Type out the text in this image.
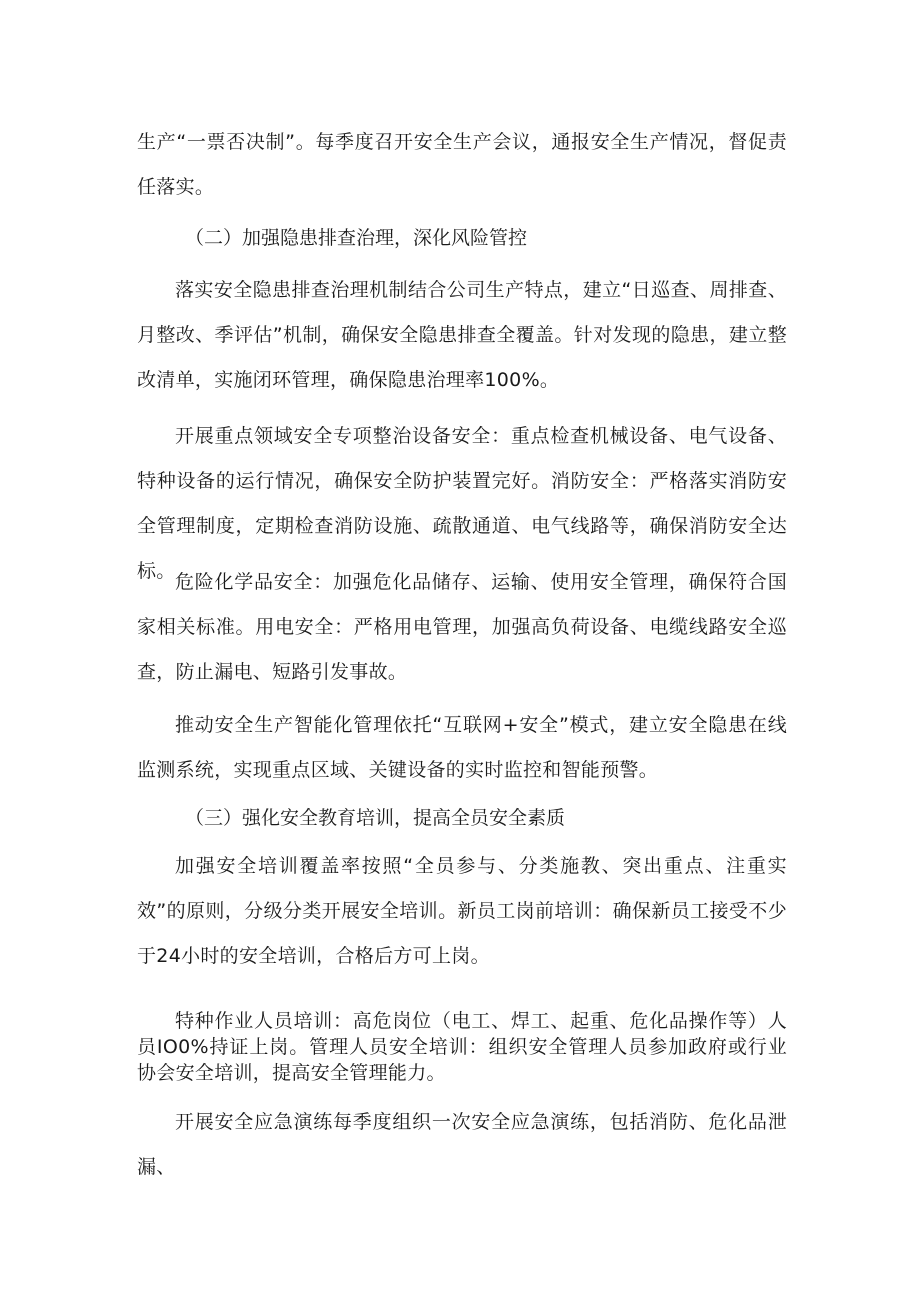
生产“一票否决制”。每季度召开安全生产会议，通报安全生产情况，督促责任落实。

（二）加强隐患排查治理，深化风险管控

落实安全隐患排查治理机制结合公司生产特点，建立“日巡查、周排查、月整改、季评估”机制，确保安全隐患排查全覆盖。针对发现的隐患，建立整改清单，实施闭环管理，确保隐患治理率100%。

开展重点领域安全专项整治设备安全：重点检查机械设备、电气设备、特种设备的运行情况，确保安全防护装置完好。消防安全：严格落实消防安全管理制度，定期检查消防设施、疏散通道、电气线路等，确保消防安全达标。 危险化学品安全：加强危化品储存、运输、使用安全管理，确保符合国家相关标准。用电安全：严格用电管理，加强高负荷设备、电缆线路安全巡查，防止漏电、短路引发事故。

推动安全生产智能化管理依托“互联网+安全”模式，建立安全隐患在线监测系统，实现重点区域、关键设备的实时监控和智能预警。

（三）强化安全教育培训，提高全员安全素质

加强安全培训覆盖率按照“全员参与、分类施教、突出重点、注重实效”的原则，分级分类开展安全培训。新员工岗前培训：确保新员工接受不少于24小时的安全培训，合格后方可上岗。

特种作业人员培训：高危岗位（电工、焊工、起重、危化品操作等）人员IO0%持证上岗。管理人员安全培训：组织安全管理人员参加政府或行业协会安全培训，提高安全管理能力。

开展安全应急演练每季度组织一次安全应急演练，包括消防、危化品泄漏、
